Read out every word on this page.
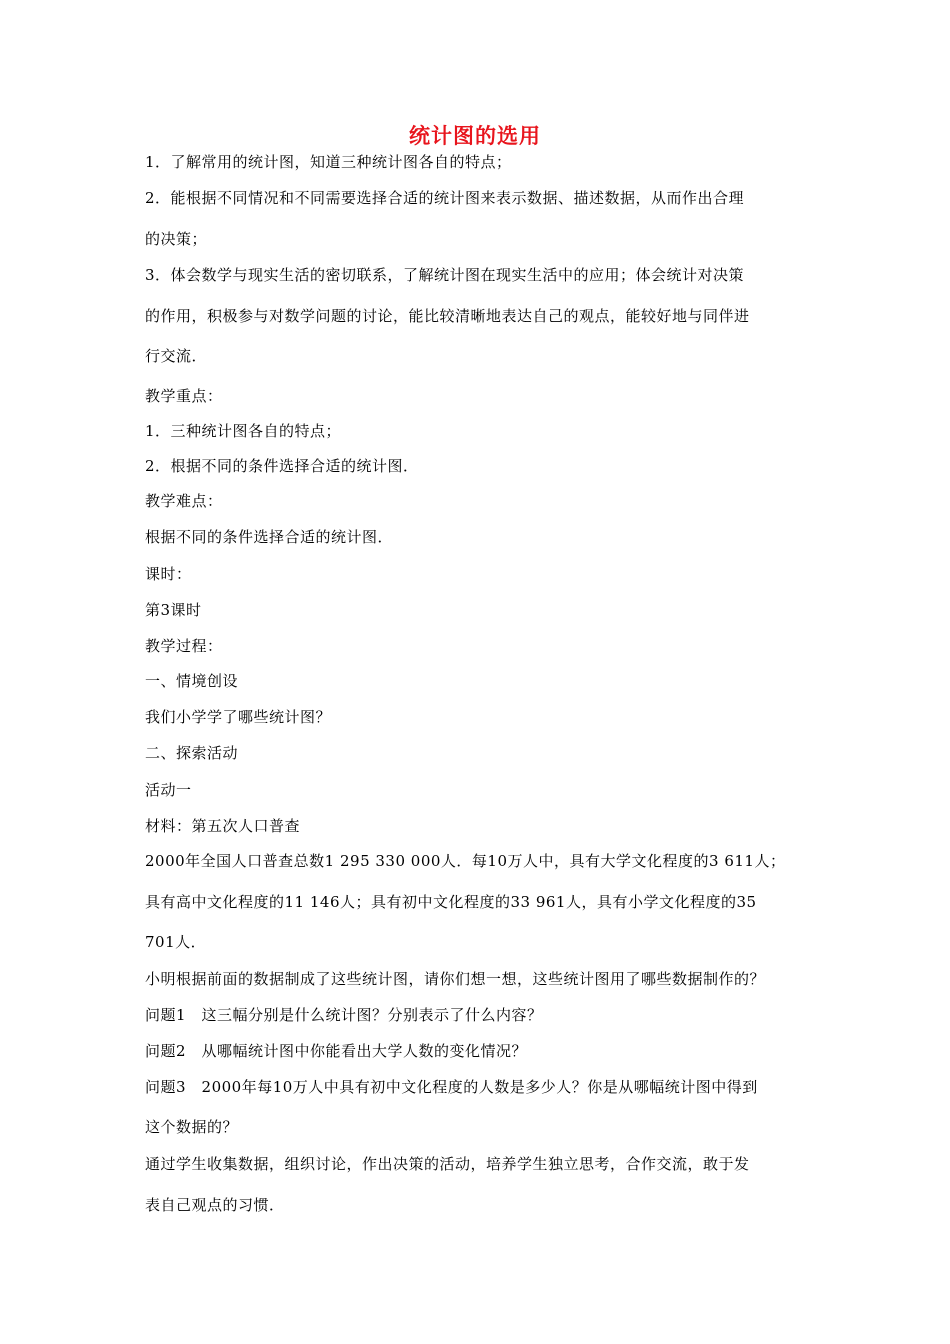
统计图的选用
1．了解常用的统计图，知道三种统计图各自的特点；
2．能根据不同情况和不同需要选择合适的统计图来表示数据、描述数据，从而作出合理
的决策；
3．体会数学与现实生活的密切联系，了解统计图在现实生活中的应用；体会统计对决策
的作用，积极参与对数学问题的讨论，能比较清晰地表达自己的观点，能较好地与同伴进
行交流．
教学重点：
1．三种统计图各自的特点；
2．根据不同的条件选择合适的统计图．
教学难点：
根据不同的条件选择合适的统计图．
课时：
第3课时
教学过程：
一、情境创设
我们小学学了哪些统计图？
二、探索活动
活动一
材料：第五次人口普查
2000年全国人口普查总数1 295 330 000人．每10万人中，具有大学文化程度的3 611人；
具有高中文化程度的11 146人；具有初中文化程度的33 961人，具有小学文化程度的35
701人．
小明根据前面的数据制成了这些统计图，请你们想一想，这些统计图用了哪些数据制作的？
问题1　这三幅分别是什么统计图？分别表示了什么内容？
问题2　从哪幅统计图中你能看出大学人数的变化情况？
问题3　2000年每10万人中具有初中文化程度的人数是多少人？你是从哪幅统计图中得到
这个数据的？
通过学生收集数据，组织讨论，作出决策的活动，培养学生独立思考，合作交流，敢于发
表自己观点的习惯．
